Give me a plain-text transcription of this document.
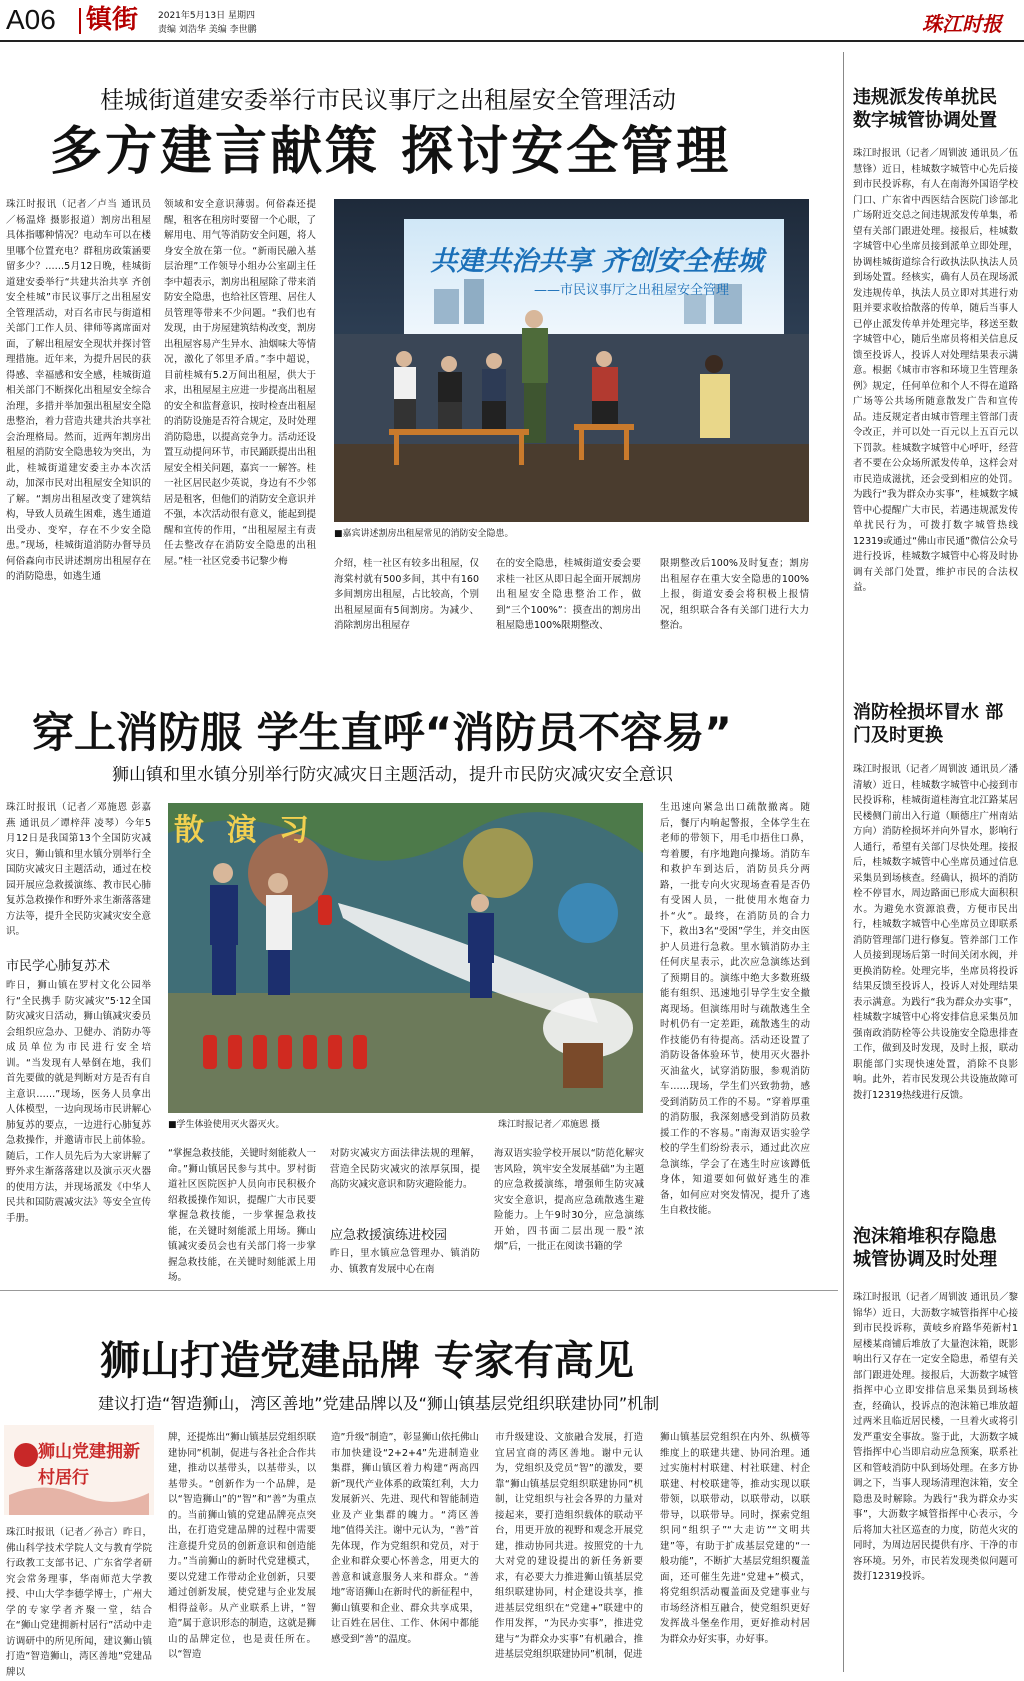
A06 镇街 2021年5月13日 星期四
责编 刘浩华 美编 李世鹏	珠江时报
桂城街道建安委举行市民议事厅之出租屋安全管理活动
多方建言献策 探讨安全管理
珠江时报讯（记者／卢当 通讯员／杨温烽 摄影报道）割房出租屋具体指哪种情况？电动车可以在楼里哪个位置充电？群租房政策涵要留多少？……5月12日晚，桂城街道建安委举行“共建共治共享 齐创安全桂城”市民议事厅之出租屋安全管理活动，对百名市民与街道相关部门工作人员、律师等离席面对面，了解出租屋安全现状并探讨管理措施。近年来，为提升居民的获得感、幸福感和安全感，桂城街道相关部门不断探化出租屋安全综合治理，多措并举加强出租屋安全隐患整治，着力营造共建共治共享社会治理格局。然而，近两年割房出租屋的消防安全隐患较为突出，为此，桂城街道建安委主办本次活动，加深市民对出租屋安全知识的了解。“割房出租屋改变了建筑结构，导致人员疏生困难，逃生通道出受办、变窄，存在不少安全隐患。”现场，桂城街道消防办督导员何俗森向市民讲述割房出租屋存在的消防隐患，如逃生通
领域和安全意识薄弱。何俗森还提醒，租客在租房时要留一个心眼，了解用电、用气等消防安全问题，将人身安全放在第一位。“新雨民融入基层治理”工作领导小组办公室副主任李中超表示，割房出租屋除了带来消防安全隐患，也给社区管理、居住人员管理等带来不少问题。“我们也有发现，由于房屋建筑结构改变，割房出租屋容易产生异水、油烟味大等情况，激化了邻里矛盾。”李中超说，目前桂城有5.2万间出租屋，供大于求，出租屋屋主应进一步提高出租屋的安全和监督意识，按时检查出租屋的消防设施是否符合规定，及时处理消防隐患，以提高竞争力。活动还设置互动提问环节，市民踊跃提出出租屋安全相关问题，嘉宾一一解答。桂一社区居民赵少英说，身边有不少邻居是租客，但他们的消防安全意识并不强，本次活动很有意义，能起到提醒和宣传的作用，“出租屋屋主有责任去整改存在消防安全隐患的出租屋。”桂一社区党委书记黎少梅
共建共治共享 齐创安全桂城
——市民议事厅之出租屋安全管理
■嘉宾讲述割房出租屋常见的消防安全隐患。
介绍，桂一社区有较多出租屋，仅海棠村就有500多间，其中有160多间割房出租屋，占比较高，个别出租屋屋面有5间割房。为减少、消除割房出租屋存
在的安全隐患，桂城街道安委会要求桂一社区从即日起全面开展割房出租屋安全隐患整治工作，做到“三个100%”：摸查出的割房出租屋隐患100%限期整改、
限期整改后100%及时复查；割房出租屋存在重大安全隐患的100%上报，街道安委会将积极上报情况，组织联合各有关部门进行大力整治。
违规派发传单扰民 数字城管协调处置
珠江时报讯（记者／周钏波 通讯员／伍慧锋）近日，桂城数字城管中心先后接到市民投诉称，有人在南海外国语学校门口、广东省中西医结合医院门诊部北广场附近交总之间违规派发传单集，希望有关部门跟进处理。接报后，桂城数字城管中心坐席员接到派单立即处理，协调桂城街道综合行政执法队执法人员到场处置。经核实，确有人员在现场派发违规传单，执法人员立即对其进行劝阻并要求收拾散落的传单，随后当事人已停止派发传单并处理完毕，移送至数字城管中心，随后坐席员将相关信息反馈至投诉人，投诉人对处理结果表示满意。根据《城市市容和环境卫生管理条例》规定，任何单位和个人不得在道路广场等公共场所随意散发广告和宣传品。违反规定者由城市管理主管部门责令改正，并可以处一百元以上五百元以下罚款。桂城数字城管中心呼吁，经营者不要在公众场所派发传单，这样会对市民造成滋扰，还会受到相应的处罚。为践行“我为群众办实事”，桂城数字城管中心提醒广大市民，若遇违规派发传单扰民行为，可拨打数字城管热线12319或通过“佛山市民通”微信公众号进行投诉，桂城数字城管中心将及时协调有关部门处置，维护市民的合法权益。
消防栓损坏冒水 部门及时更换
珠江时报讯（记者／周钏波 通讯员／潘清敏）近日，桂城数字城管中心接到市民投诉称，桂城街道桂海宜北江路某居民楼侧门前出入行道（顺德庄广州南站方向）消防栓损坏并向外冒水，影响行人通行，希望有关部门尽快处理。接报后，桂城数字城管中心坐席员通过信息采集员到场核查。经确认，损坏的消防栓不停冒水，周边路面已形成大面积积水。为避免水资源浪费，方便市民出行，桂城数字城管中心坐席员立即联系消防管理部门进行修复。管养部门工作人员接到现场后第一时间关闭水阀，并更换消防栓。处理完毕，坐席员将投诉结果反馈至投诉人，投诉人对处理结果表示满意。为践行“我为群众办实事”，桂城数字城管中心将安排信息采集员加强南政消防栓等公共设施安全隐患排查工作，做到及时发现，及时上报，联动职能部门实现快速处置，消除不良影响。此外，若市民发现公共设施故障可拨打12319热线进行反馈。
泡沫箱堆积存隐患 城管协调及时处理
珠江时报讯（记者／周钏波 通讯员／黎锦华）近日，大沥数字城管指挥中心接到市民投诉称，黄岐乡府路华苑新村1屋楼某商铺后堆放了大量泡沫箱，既影响出行又存在一定安全隐患，希望有关部门跟进处理。接报后，大沥数字城管指挥中心立即安排信息采集员到场核查，经确认，投诉点的泡沫箱已堆放超过两米且临近居民楼，一旦着火或将引发严重安全事故。鉴于此，大沥数字城管指挥中心当即启动应急预案，联系社区和管岐消防中队到场处理。在多方协调之下，当事人现场清理泡沫箱，安全隐患及时解除。为践行“我为群众办实事”，大沥数字城管指挥中心表示，今后将加大社区巡查的力度，防范火灾的同时，为周边居民提供有序、干净的市容环境。另外，市民若发现类似问题可拨打12319投诉。
穿上消防服 学生直呼“消防员不容易”
狮山镇和里水镇分别举行防灾减灾日主题活动，提升市民防灾减灾安全意识
珠江时报讯（记者／邓施恩 彭嘉燕 通讯员／谭梓萍 凌琴）今年5月12日是我国第13个全国防灾减灾日，狮山镇和里水镇分别举行全国防灾减灾日主题活动，通过在校园开展应急救援演练、教市民心肺复苏急救操作和野外求生渐落落建方法等，提升全民防灾减灾安全意识。
市民学心肺复苏术
昨日，狮山镇在罗村文化公园举行“全民携手 防灾减灾”5·12全国防灾减灾日活动，狮山镇减灾委员会组织应急办、卫健办、消防办等成员单位为市民进行安全培训。“当发现有人晕倒在地，我们首先要做的就是判断对方是否有自主意识……”现场，医务人员拿出人体模型，一边向现场市民讲解心肺复苏的要点，一边进行心肺复苏急救操作，并邀请市民上前体验。随后，工作人员先后为大家讲解了野外求生渐落落建以及演示灭火器的使用方法，并现场派发《中华人民共和国防震减灾法》等安全宣传手册。
散 演 习
■学生体验使用灭火器灭火。	珠江时报记者／邓施恩 摄
“掌握急救技能，关键时刻能救人一命。”狮山镇居民参与其中。罗村街道社区医院医护人员向市民积极介绍救援操作知识，提醒广大市民要掌握急救技能，一步掌握急救技能，在关键时刻能派上用场。狮山镇减灾委员会也有关部门将一步掌握急救技能，在关键时刻能派上用场。
对防灾减灾方面法律法规的理解，营造全民防灾减灾的浓厚氛围，提高防灾减灾意识和防灾避险能力。
应急救援演练进校园
昨日，里水镇应急管理办、镇消防办、镇教育发展中心在南
海双语实验学校开展以“防范化解灾害风险，筑牢安全发展基础”为主题的应急救援演练，增强师生防灾减灾安全意识，提高应急疏散逃生避险能力。上午9时30分，应急演练开始，四书面二层出现一股“浓烟”后，一批正在阅读书籍的学
生迅速向紧急出口疏散撤离。随后，餐厅内响起警报，全体学生在老师的带领下，用毛巾捂住口鼻，弯着腰，有序地跑向操场。消防车和救护车到达后，消防员兵分两路，一批专向火灾现场查看是否仍有受困人员，一批使用水炮奋力扑“火”。最终，在消防员的合力下，救出3名“受困”学生，并交由医护人员进行急救。里水镇消防办主任何庆星表示，此次应急演练达到了预期目的。演练中绝大多数班级能有组织、迅速地引导学生安全撤离现场。但演练用时与疏散逃生全时机仍有一定差距，疏散逃生的动作技能仍有待提高。活动还设置了消防设备体验环节，使用灭火器扑灭油盆火，试穿消防服，参观消防车……现场，学生们兴致勃勃，感受到消防员工作的不易。“穿着厚重的消防服，我深刻感受到消防员救援工作的不容易。”南海双语实验学校的学生们纷纷表示，通过此次应急演练，学会了在逃生时应该蹲低身体，知道要如何做好逃生的准备，如何应对突发情况，提升了逃生自救技能。
狮山打造党建品牌 专家有高见
建议打造“智造狮山，湾区善地”党建品牌以及“狮山镇基层党组织联建协同”机制
狮山党建拥新 村居行
珠江时报讯（记者／孙言）昨日，佛山科学技术学院人文与教育学院行政教工支部书记、广东省学者研究会常务理事，华南师范大学教授、中山大学李德学博士，广州大学的专家学者齐聚一堂，结合在“狮山党建拥新村居行”活动中走访调研中的所见所闻，建议狮山镇打造“智造狮山，湾区善地”党建品牌以
牌，还提炼出“狮山镇基层党组织联建协同”机制，促进与各社企合作共建，推动以基带头，以基带头，以基带头。“创新作为一个品牌，是以“智造狮山”的“智”和“善”为重点的。当前狮山镇的党建品牌亮点突出，在打造党建品牌的过程中需要注意提升党员的创新意识和创造能力。”当前狮山的新时代党建模式，要以党建工作带动企业创新，只要通过创新发展，使党建与企业发展相得益彰。从产业联系上讲，“智造”属于意识形态的制造，这就是狮山的品牌定位，也是责任所在。以“智造
造”升级“制造”，彰显狮山依托佛山市加快建设“2+2+4”先进制造业集群，狮山镇区着力构建“两高四新”现代产业体系的政策红利，大力发展新兴、先进、现代和智能制造业及产业集群的魄力。“湾区善地”值得关注。谢中元认为，“善”首先体现，作为党组织和党员，对于企业和群众要心怀善念，用更大的善意和诚意服务人来和群众。“善地”寄语狮山在新时代的新征程中，狮山镇要和企业、群众共享成果，让百姓在居住、工作、休闲中都能感受到“善”的温度。
市升级建设、文旅融合发展，打造宜居宜商的湾区善地。谢中元认为，党组织及党员“智”的激发，要靠“狮山镇基层党组织联建协同”机制，让党组织与社会各界的力量对接起来，要打造组织载体的联动平台，用更开放的视野和观念开展党建，推动协同共进。按照党的十九大对党的建设提出的新任务新要求，有必要大力推进狮山镇基层党组织联建协同，村企建设共享，推进基层党组织在“党建+”联建中的作用发挥，“为民办实事”，推进党建与“为群众办实事”有机融合，推进基层党组织联建协同”机制，促进
狮山镇基层党组织在内外、纵横等维度上的联建共建、协同治理。通过实施村村联建、村社联建、村企联建、村校联建等，推动实现以联带领，以联带动，以联带动，以联带导，以联带导。同时，探索党组织同“组织子”“大走访”“文明共建”等，有助于扩成基层党建的“一般功能”，不断扩大基层党组织覆盖面，还可催生先进“党建+”模式，将党组织活动覆盖面及党建事业与市场经济相互融合，使党组织更好发挥战斗堡垒作用，更好推动村居为群众办好实事，办好事。
